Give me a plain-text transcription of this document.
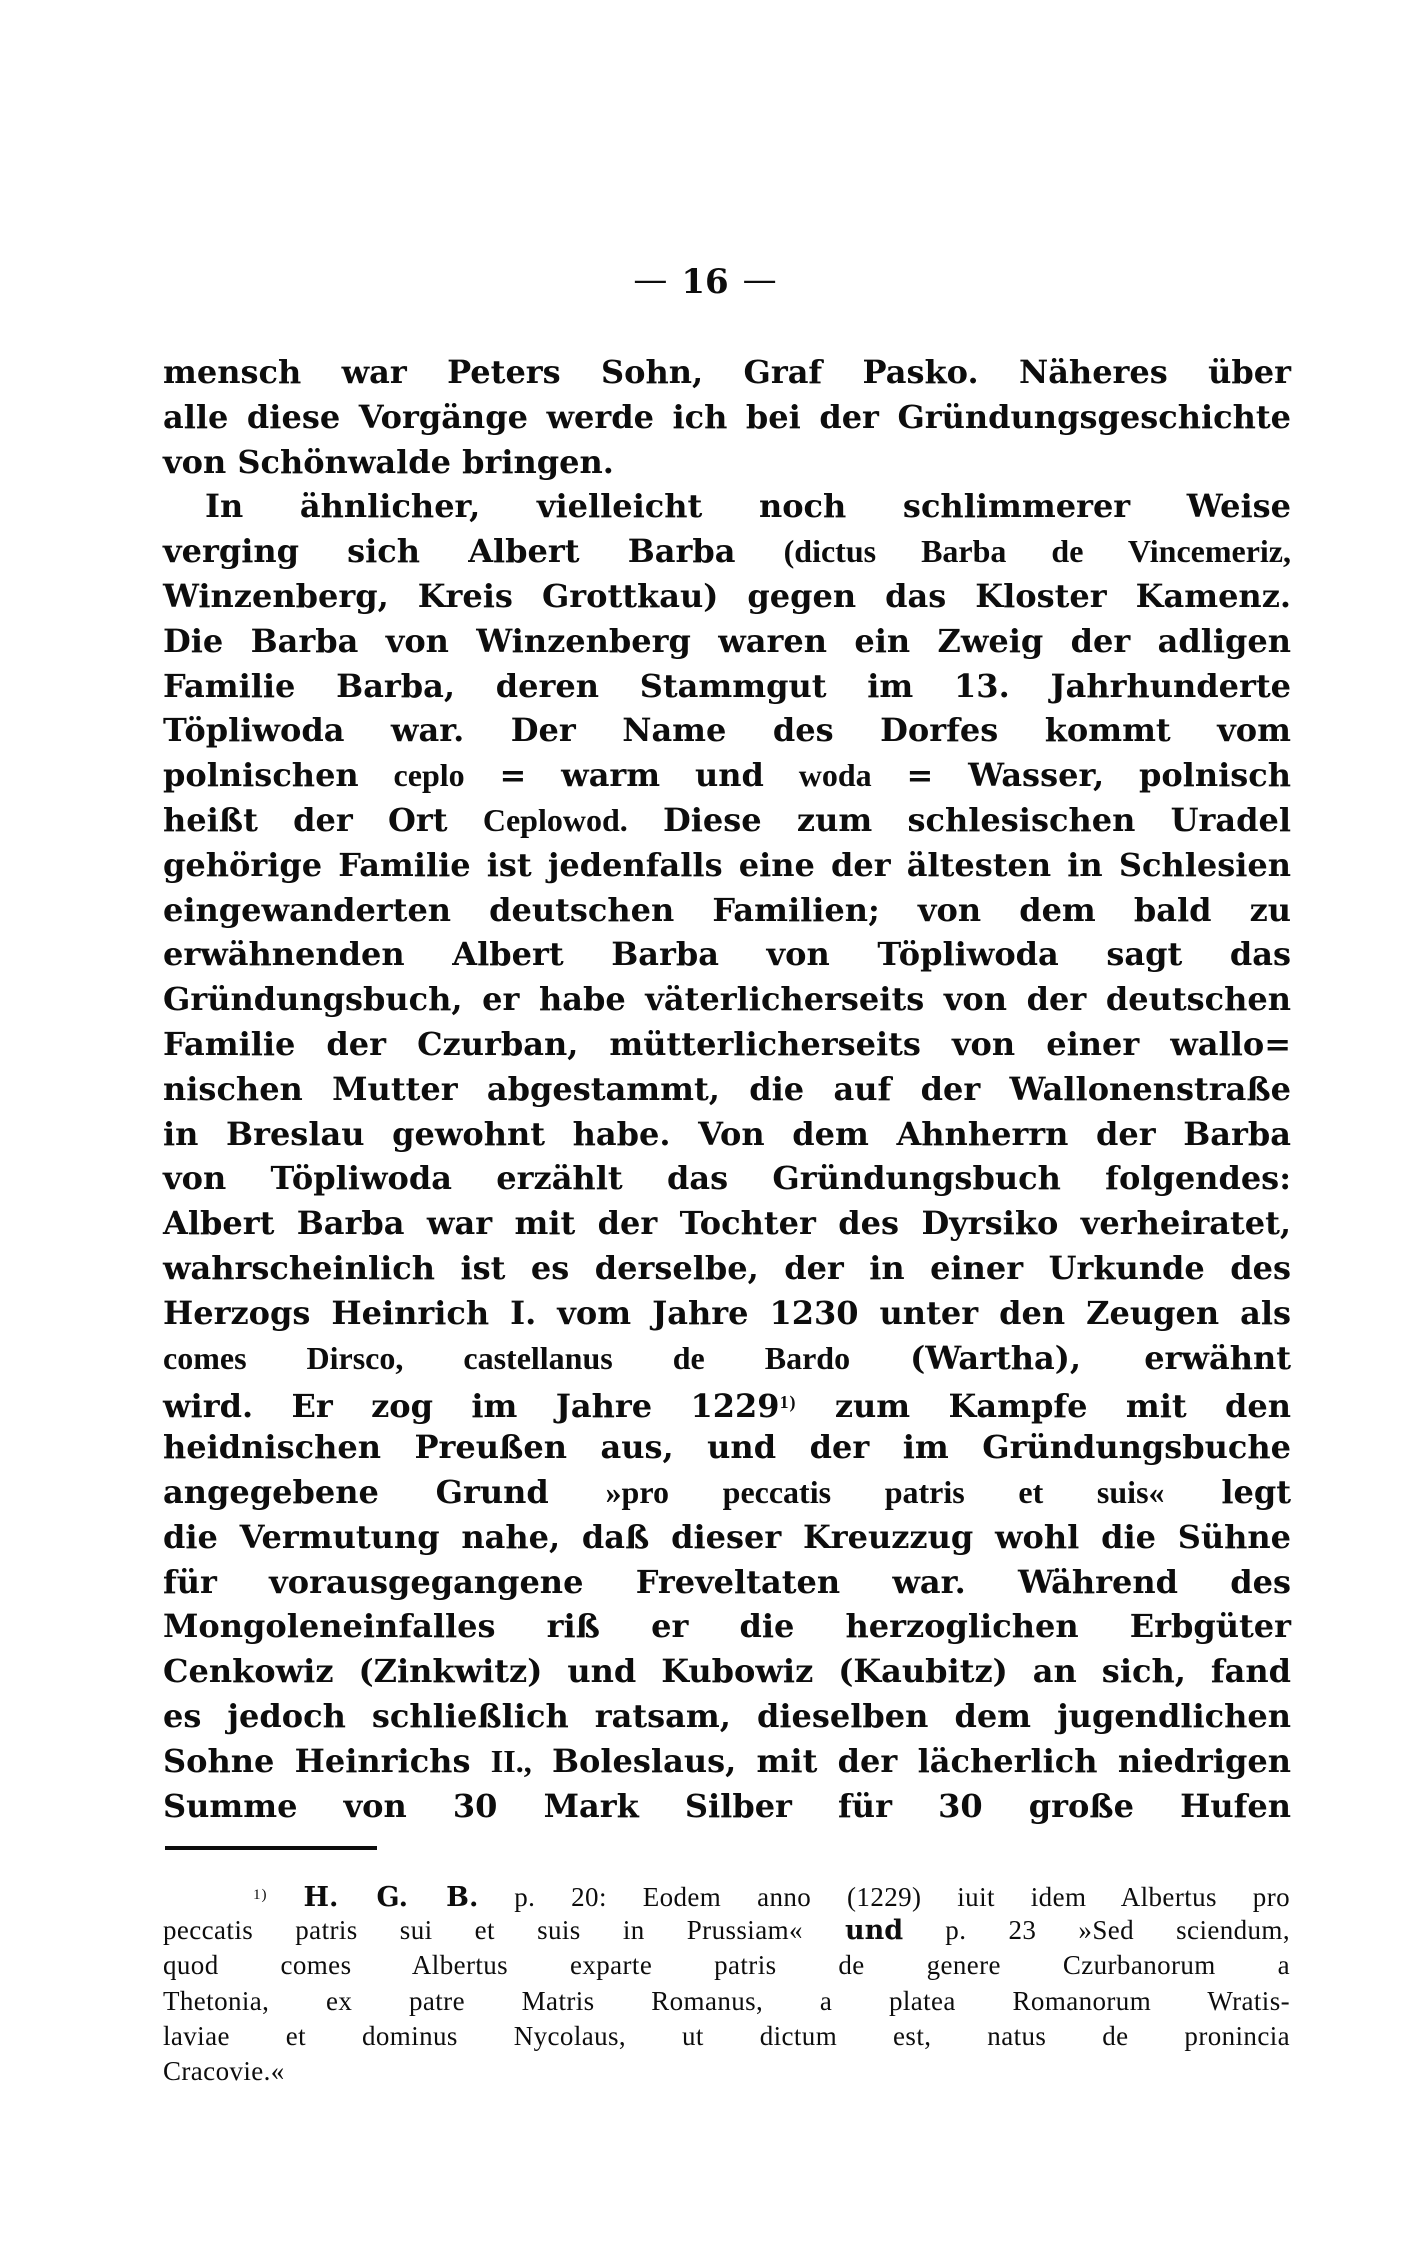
— 16 —
mensch war Peters Sohn, Graf Pasko. Näheres über
alle diese Vorgänge werde ich bei der Gründungsgeschichte
von Schönwalde bringen.
In ähnlicher, vielleicht noch schlimmerer Weise
verging sich Albert Barba (dictus Barba de Vincemeriz,
Winzenberg, Kreis Grottkau) gegen das Kloster Kamenz.
Die Barba von Winzenberg waren ein Zweig der adligen
Familie Barba, deren Stammgut im 13. Jahrhunderte
Töpliwoda war. Der Name des Dorfes kommt vom
polnischen ceplo = warm und woda = Wasser, polnisch
heißt der Ort Ceplowod. Diese zum schlesischen Uradel
gehörige Familie ist jedenfalls eine der ältesten in Schlesien
eingewanderten deutschen Familien; von dem bald zu
erwähnenden Albert Barba von Töpliwoda sagt das
Gründungsbuch, er habe väterlicherseits von der deutschen
Familie der Czurban, mütterlicherseits von einer wallo=
nischen Mutter abgestammt, die auf der Wallonenstraße
in Breslau gewohnt habe. Von dem Ahnherrn der Barba
von Töpliwoda erzählt das Gründungsbuch folgendes:
Albert Barba war mit der Tochter des Dyrsiko verheiratet,
wahrscheinlich ist es derselbe, der in einer Urkunde des
Herzogs Heinrich I. vom Jahre 1230 unter den Zeugen als
comes Dirsco, castellanus de Bardo (Wartha), erwähnt
wird. Er zog im Jahre 1229$^{1)}$ zum Kampfe mit den
heidnischen Preußen aus, und der im Gründungsbuche
angegebene Grund »pro peccatis patris et suis« legt
die Vermutung nahe, daß dieser Kreuzzug wohl die Sühne
für vorausgegangene Freveltaten war. Während des
Mongoleneinfalles riß er die herzoglichen Erbgüter
Cenkowiz (Zinkwitz) und Kubowiz (Kaubitz) an sich, fand
es jedoch schließlich ratsam, dieselben dem jugendlichen
Sohne Heinrichs II., Boleslaus, mit der lächerlich niedrigen
Summe von 30 Mark Silber für 30 große Hufen
$^{1)}$ H. G. B. p. 20: Eodem anno (1229) iuit idem Albertus pro
peccatis patris sui et suis in Prussiam« und p. 23 »Sed sciendum,
quod comes Albertus exparte patris de genere Czurbanorum a
Thetonia, ex patre Matris Romanus, a platea Romanorum Wratis-
laviae et dominus Nycolaus, ut dictum est, natus de pronincia
Cracovie.«
